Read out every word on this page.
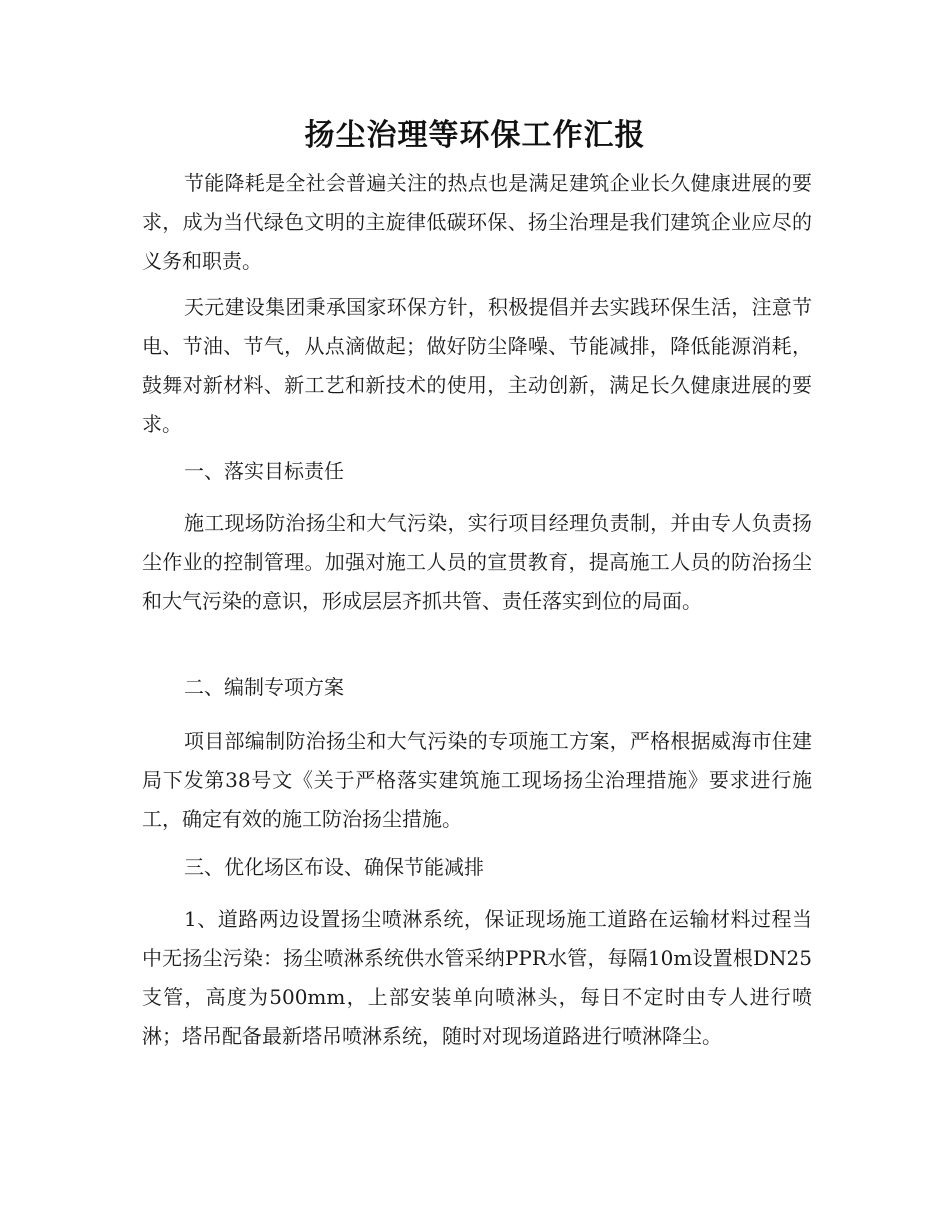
扬尘治理等环保工作汇报

节能降耗是全社会普遍关注的热点也是满足建筑企业长久健康进展的要求，成为当代绿色文明的主旋律低碳环保、扬尘治理是我们建筑企业应尽的义务和职责。

天元建设集团秉承国家环保方针，积极提倡并去实践环保生活，注意节电、节油、节气，从点滴做起；做好防尘降噪、节能减排，降低能源消耗，鼓舞对新材料、新工艺和新技术的使用，主动创新，满足长久健康进展的要求。

一、落实目标责任

施工现场防治扬尘和大气污染，实行项目经理负责制，并由专人负责扬尘作业的控制管理。加强对施工人员的宣贯教育，提高施工人员的防治扬尘和大气污染的意识，形成层层齐抓共管、责任落实到位的局面。

二、编制专项方案

项目部编制防治扬尘和大气污染的专项施工方案，严格根据威海市住建局下发第38号文《关于严格落实建筑施工现场扬尘治理措施》要求进行施工，确定有效的施工防治扬尘措施。

三、优化场区布设、确保节能减排

1、道路两边设置扬尘喷淋系统，保证现场施工道路在运输材料过程当中无扬尘污染：扬尘喷淋系统供水管采纳PPR水管，每隔10m设置根DN25支管，高度为500mm，上部安装单向喷淋头，每日不定时由专人进行喷淋；塔吊配备最新塔吊喷淋系统，随时对现场道路进行喷淋降尘。
